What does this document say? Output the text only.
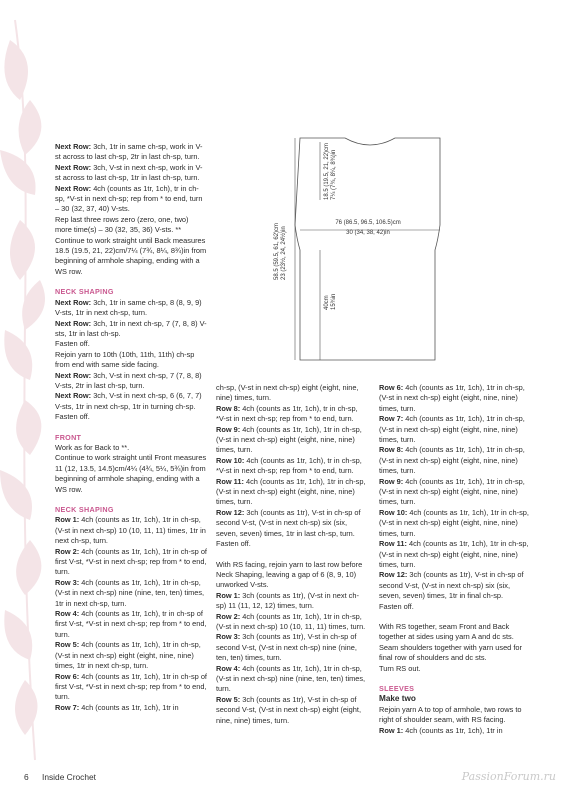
18.5 (19.5, 21, 22)cm 7¼ (7¾, 8¼, 8¾)in
76 (86.5, 96.5, 106.5)cm
30 (34, 38, 42)in
58.5 (59.5, 61, 62)cm 23 (23½, 24, 24½)in
40cm 15¾in

Next Row: 3ch, 1tr in same ch-sp, work in V-st across to last ch-sp, 2tr in last ch-sp, turn.

Next Row: 3ch, V-st in next ch-sp, work in V-st across to last ch-sp, 1tr in last ch-sp, turn.

Next Row: 4ch (counts as 1tr, 1ch), tr in ch-sp, *V-st in next ch-sp; rep from * to end, turn – 30 (32, 37, 40) V-sts.

Rep last three rows zero (zero, one, two) more time(s) – 30 (32, 35, 36) V-sts. **

Continue to work straight until Back measures 18.5 (19.5, 21, 22)cm/7¼ (7¾, 8¼, 8¾)in from beginning of armhole shaping, ending with a WS row.

NECK SHAPING

Next Row: 3ch, 1tr in same ch-sp, 8 (8, 9, 9) V-sts, 1tr in next ch-sp, turn.

Next Row: 3ch, 1tr in next ch-sp, 7 (7, 8, 8) V-sts, 1tr in last ch-sp.

Fasten off.

Rejoin yarn to 10th (10th, 11th, 11th) ch-sp from end with same side facing.

Next Row: 3ch, V-st in next ch-sp, 7 (7, 8, 8) V-sts, 2tr in last ch-sp, turn.

Next Row: 3ch, V-st in next ch-sp, 6 (6, 7, 7) V-sts, 1tr in next ch-sp, 1tr in turning ch-sp.

Fasten off.

FRONT

Work as for Back to **.

Continue to work straight until Front measures 11 (12, 13.5, 14.5)cm/4¼ (4¾, 5¼, 5¾)in from beginning of armhole shaping, ending with a WS row.

NECK SHAPING

Row 1: 4ch (counts as 1tr, 1ch), 1tr in ch-sp, (V-st in next ch-sp) 10 (10, 11, 11) times, 1tr in next ch-sp, turn.

Row 2: 4ch (counts as 1tr, 1ch), 1tr in ch-sp of first V-st, *V-st in next ch-sp; rep from * to end, turn.

Row 3: 4ch (counts as 1tr, 1ch), 1tr in ch-sp, (V-st in next ch-sp) nine (nine, ten, ten) times, 1tr in next ch-sp, turn.

Row 4: 4ch (counts as 1tr, 1ch), tr in ch-sp of first V-st, *V-st in next ch-sp; rep from * to end, turn.

Row 5: 4ch (counts as 1tr, 1ch), 1tr in ch-sp, (V-st in next ch-sp) eight (eight, nine, nine) times, 1tr in next ch-sp, turn.

Row 6: 4ch (counts as 1tr, 1ch), 1tr in ch-sp of first V-st, *V-st in next ch-sp; rep from * to end, turn.

Row 7: 4ch (counts as 1tr, 1ch), 1tr in

ch-sp, (V-st in next ch-sp) eight (eight, nine, nine) times, turn.

Row 8: 4ch (counts as 1tr, 1ch), tr in ch-sp, *V-st in next ch-sp; rep from * to end, turn.

Row 9: 4ch (counts as 1tr, 1ch), 1tr in ch-sp, (V-st in next ch-sp) eight (eight, nine, nine) times, turn.

Row 10: 4ch (counts as 1tr, 1ch), tr in ch-sp, *V-st in next ch-sp; rep from * to end, turn.

Row 11: 4ch (counts as 1tr, 1ch), 1tr in ch-sp, (V-st in next ch-sp) eight (eight, nine, nine) times, turn.

Row 12: 3ch (counts as 1tr), V-st in ch-sp of second V-st, (V-st in next ch-sp) six (six, seven, seven) times, 1tr in last ch-sp, turn.

Fasten off.

With RS facing, rejoin yarn to last row before Neck Shaping, leaving a gap of 6 (8, 9, 10) unworked V-sts.

Row 1: 3ch (counts as 1tr), (V-st in next ch-sp) 11 (11, 12, 12) times, turn.

Row 2: 4ch (counts as 1tr, 1ch), 1tr in ch-sp, (V-st in next ch-sp) 10 (10, 11, 11) times, turn.

Row 3: 3ch (counts as 1tr), V-st in ch-sp of second V-st, (V-st in next ch-sp) nine (nine, ten, ten) times, turn.

Row 4: 4ch (counts as 1tr, 1ch), 1tr in ch-sp, (V-st in next ch-sp) nine (nine, ten, ten) times, turn.

Row 5: 3ch (counts as 1tr), V-st in ch-sp of second V-st, (V-st in next ch-sp) eight (eight, nine, nine) times, turn.

Row 6: 4ch (counts as 1tr, 1ch), 1tr in ch-sp, (V-st in next ch-sp) eight (eight, nine, nine) times, turn.

Row 7: 4ch (counts as 1tr, 1ch), 1tr in ch-sp, (V-st in next ch-sp) eight (eight, nine, nine) times, turn.

Row 8: 4ch (counts as 1tr, 1ch), 1tr in ch-sp, (V-st in next ch-sp) eight (eight, nine, nine) times, turn.

Row 9: 4ch (counts as 1tr, 1ch), 1tr in ch-sp, (V-st in next ch-sp) eight (eight, nine, nine) times, turn.

Row 10: 4ch (counts as 1tr, 1ch), 1tr in ch-sp, (V-st in next ch-sp) eight (eight, nine, nine) times, turn.

Row 11: 4ch (counts as 1tr, 1ch), 1tr in ch-sp, (V-st in next ch-sp) eight (eight, nine, nine) times, turn.

Row 12: 3ch (counts as 1tr), V-st in ch-sp of second V-st, (V-st in next ch-sp) six (six, seven, seven) times, 1tr in final ch-sp.

Fasten off.

With RS together, seam Front and Back together at sides using yarn A and dc sts. Seam shoulders together with yarn used for final row of shoulders and dc sts.

Turn RS out.

SLEEVES

Make two

Rejoin yarn A to top of armhole, two rows to right of shoulder seam, with RS facing.

Row 1: 4ch (counts as 1tr, 1ch), 1tr in

6 Inside Crochet	PassionForum.ru
